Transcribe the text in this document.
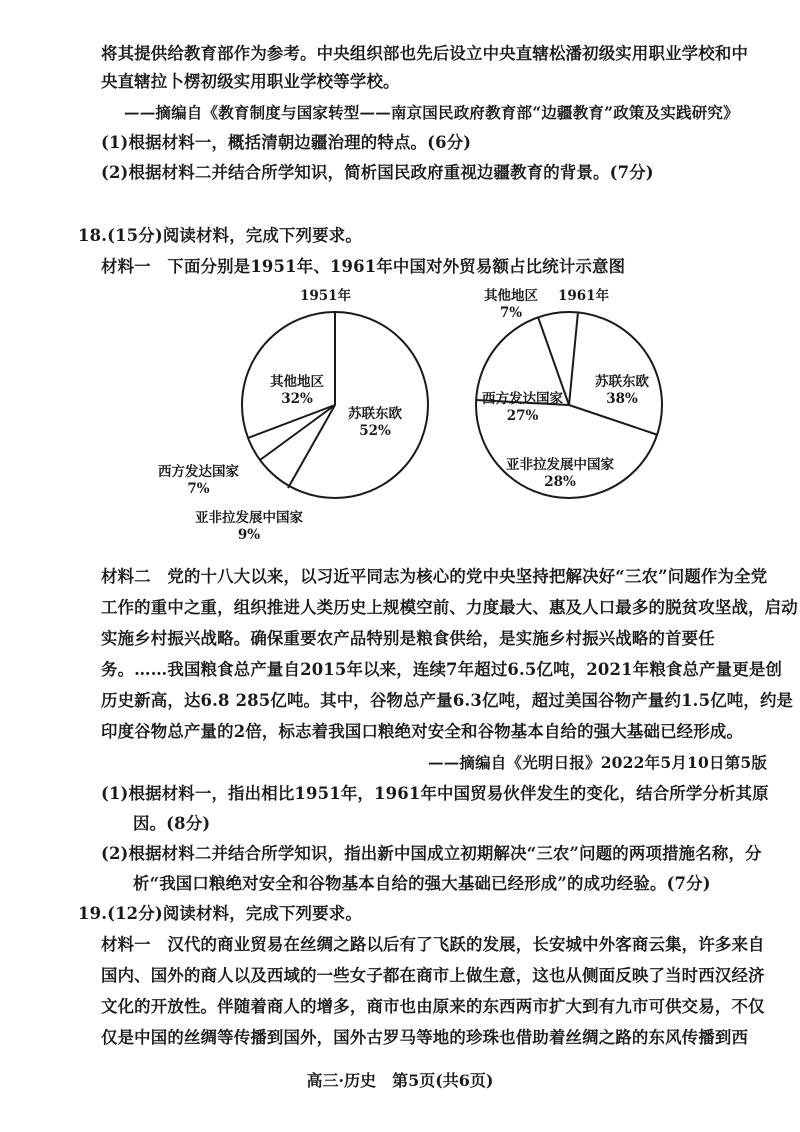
将其提供给教育部作为参考。中央组织部也先后设立中央直辖松潘初级实用职业学校和中
央直辖拉卜楞初级实用职业学校等学校。
——摘编自《教育制度与国家转型——南京国民政府教育部“边疆教育”政策及实践研究》
(1)根据材料一，概括清朝边疆治理的特点。(6分)
(2)根据材料二并结合所学知识，简析国民政府重视边疆教育的背景。(7分)
18.(15分)阅读材料，完成下列要求。
材料一　下面分别是1951年、1961年中国对外贸易额占比统计示意图
1951年
其他地区
32%
苏联东欧
52%
西方发达国家
7%
亚非拉发展中国家
9%
1961年
其他地区
7%
苏联东欧
38%
西方发达国家
27%
亚非拉发展中国家
28%
材料二　党的十八大以来，以习近平同志为核心的党中央坚持把解决好“三农”问题作为全党
工作的重中之重，组织推进人类历史上规模空前、力度最大、惠及人口最多的脱贫攻坚战，启动
实施乡村振兴战略。确保重要农产品特别是粮食供给，是实施乡村振兴战略的首要任
务。……我国粮食总产量自2015年以来，连续7年超过6.5亿吨，2021年粮食总产量更是创
历史新高，达6.8 285亿吨。其中，谷物总产量6.3亿吨，超过美国谷物产量约1.5亿吨，约是
印度谷物总产量的2倍，标志着我国口粮绝对安全和谷物基本自给的强大基础已经形成。
——摘编自《光明日报》2022年5月10日第5版
(1)根据材料一，指出相比1951年，1961年中国贸易伙伴发生的变化，结合所学分析其原
因。(8分)
(2)根据材料二并结合所学知识，指出新中国成立初期解决“三农”问题的两项措施名称，分
析“我国口粮绝对安全和谷物基本自给的强大基础已经形成”的成功经验。(7分)
19.(12分)阅读材料，完成下列要求。
材料一　汉代的商业贸易在丝绸之路以后有了飞跃的发展，长安城中外客商云集，许多来自
国内、国外的商人以及西域的一些女子都在商市上做生意，这也从侧面反映了当时西汉经济
文化的开放性。伴随着商人的增多，商市也由原来的东西两市扩大到有九市可供交易，不仅
仅是中国的丝绸等传播到国外，国外古罗马等地的珍珠也借助着丝绸之路的东风传播到西
高三·历史　第5页(共6页)
